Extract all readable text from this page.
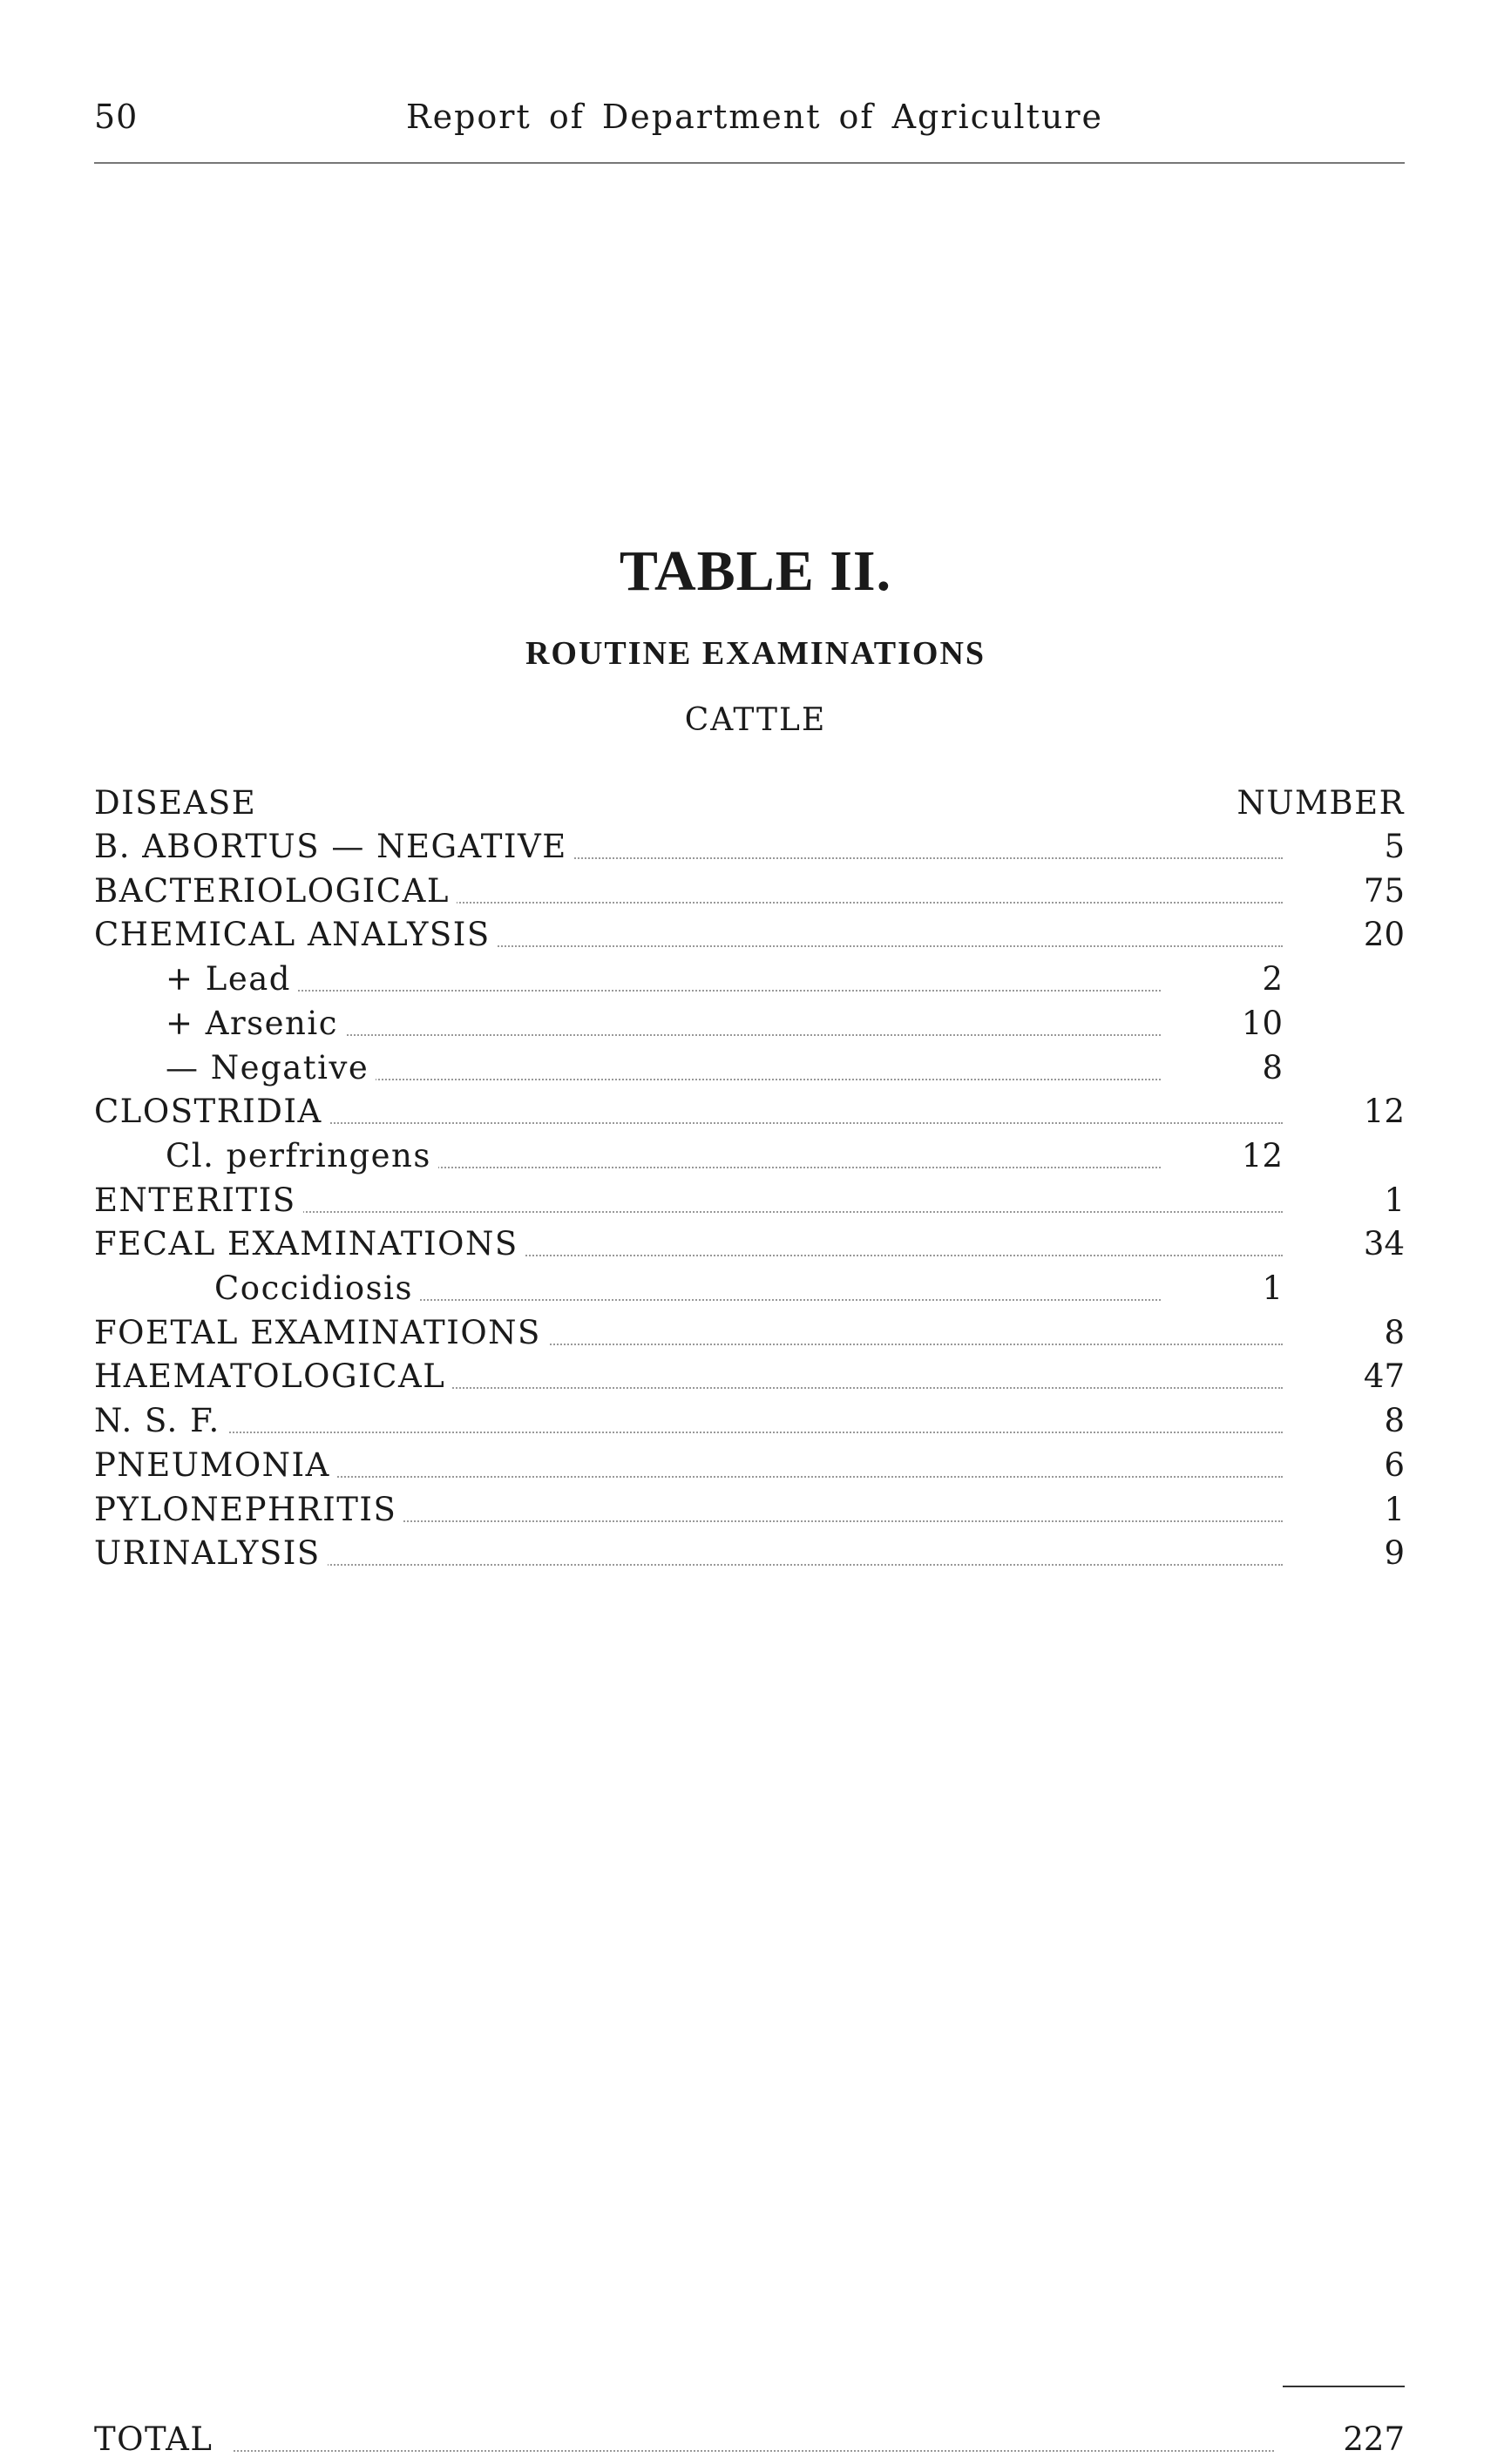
50	Report of Department of Agriculture
TABLE II.
ROUTINE EXAMINATIONS
CATTLE
DISEASE	NUMBER
B. ABORTUS — NEGATIVE	5
BACTERIOLOGICAL	75
CHEMICAL ANALYSIS	20
+ Lead	2
+ Arsenic	10
— Negative	8
CLOSTRIDIA	12
Cl. perfringens	12
ENTERITIS	1
FECAL EXAMINATIONS	34
Coccidiosis	1
FOETAL EXAMINATIONS	8
HAEMATOLOGICAL	47
N. S. F.	8
PNEUMONIA	6
PYLONEPHRITIS	1
URINALYSIS	9
TOTAL	227
